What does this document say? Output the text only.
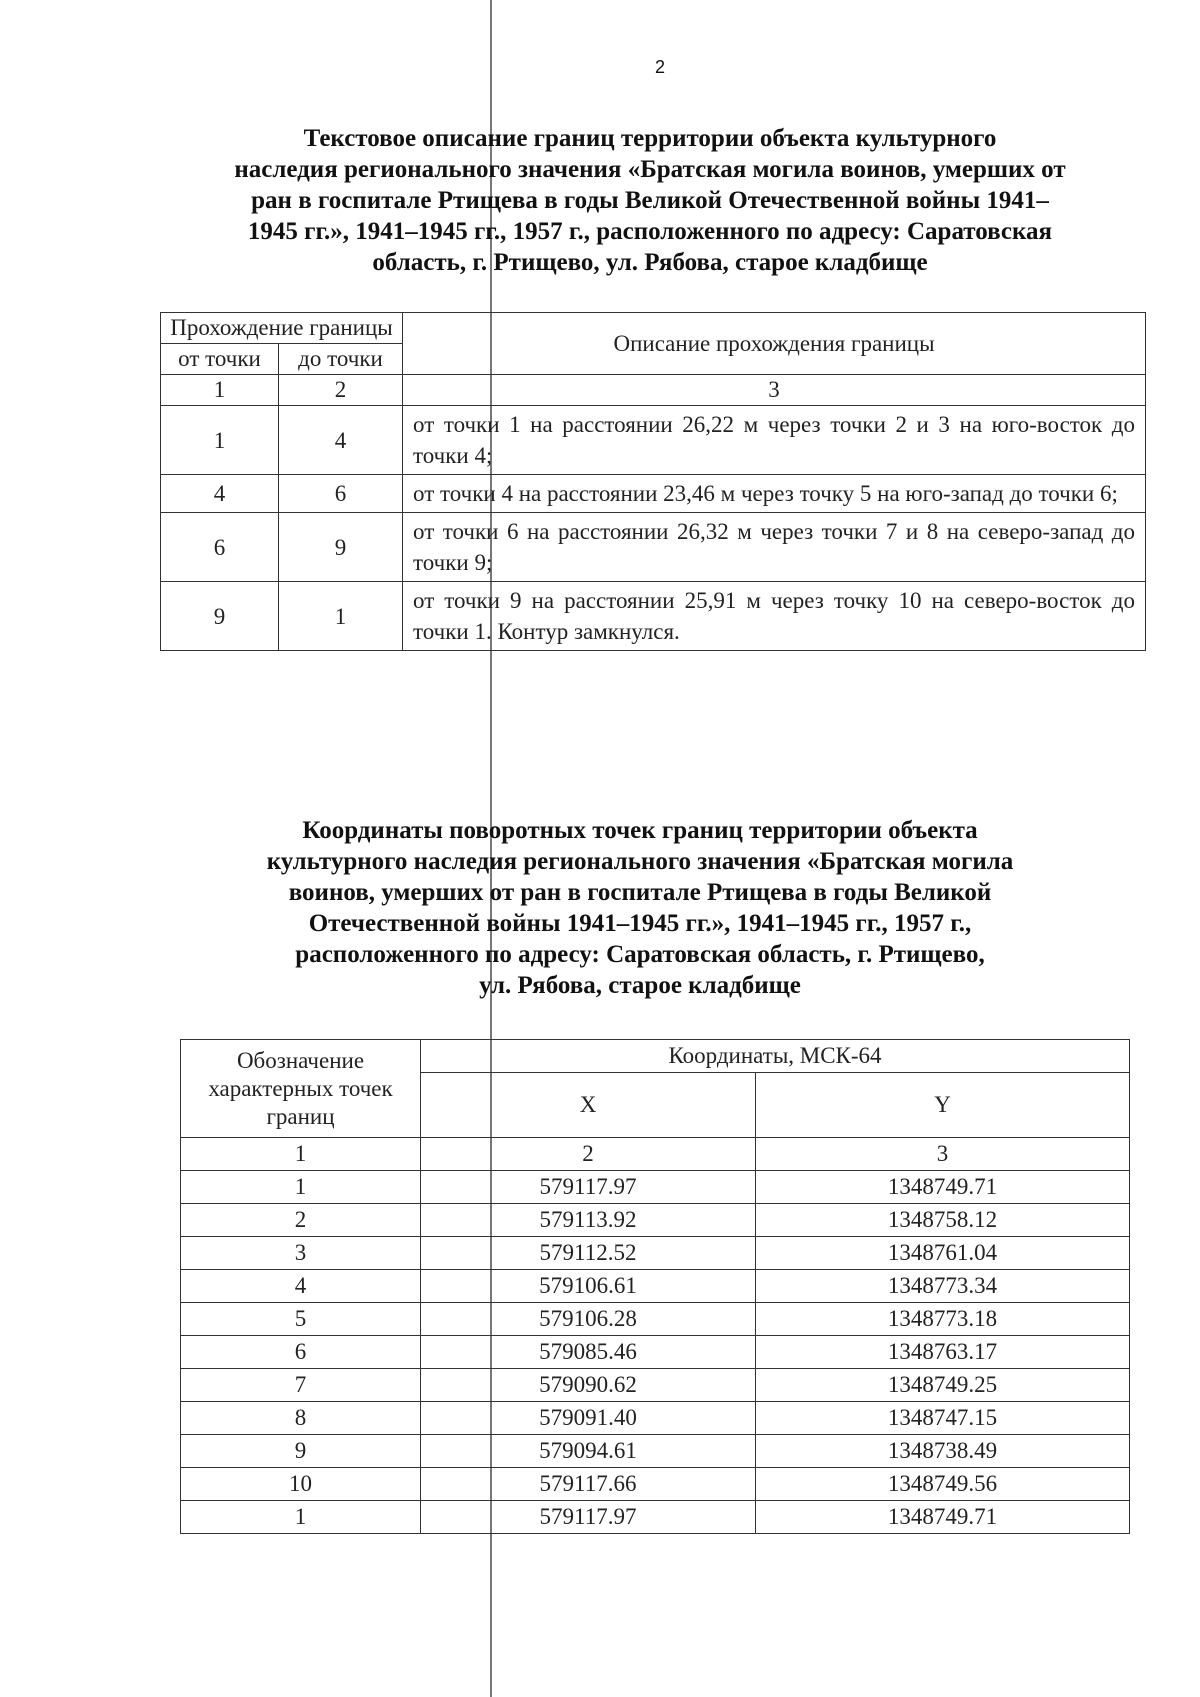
2
Текстовое описание границ территории объекта культурного
наследия регионального значения «Братская могила воинов, умерших от
ран в госпитале Ртищева в годы Великой Отечественной войны 1941–
1945 гг.», 1941–1945 гг., 1957 г., расположенного по адресу: Саратовская
область, г. Ртищево, ул. Рябова, старое кладбище
Прохождение границы		Описание прохождения границы
от точки	до точки	
1	2	3
1	4	от точки 1 на расстоянии 26,22 м через точки 2 и 3 на юго-восток до точки 4;
4	6	от точки 4 на расстоянии 23,46 м через точку 5 на юго-запад до точки 6;
6	9	от точки 6 на расстоянии 26,32 м через точки 7 и 8 на северо-запад до точки 9;
9	1	от точки 9 на расстоянии 25,91 м через точку 10 на северо-восток до точки 1. Контур замкнулся.
Координаты поворотных точек границ территории объекта
культурного наследия регионального значения «Братская могила
воинов, умерших от ран в госпитале Ртищева в годы Великой
Отечественной войны 1941–1945 гг.», 1941–1945 гг., 1957 г.,
расположенного по адресу: Саратовская область, г. Ртищево,
ул. Рябова, старое кладбище
Обозначение характерных точек границ	Координаты, МСК-64	
	X	Y
1	2	3
1	579117.97	1348749.71
2	579113.92	1348758.12
3	579112.52	1348761.04
4	579106.61	1348773.34
5	579106.28	1348773.18
6	579085.46	1348763.17
7	579090.62	1348749.25
8	579091.40	1348747.15
9	579094.61	1348738.49
10	579117.66	1348749.56
1	579117.97	1348749.71
